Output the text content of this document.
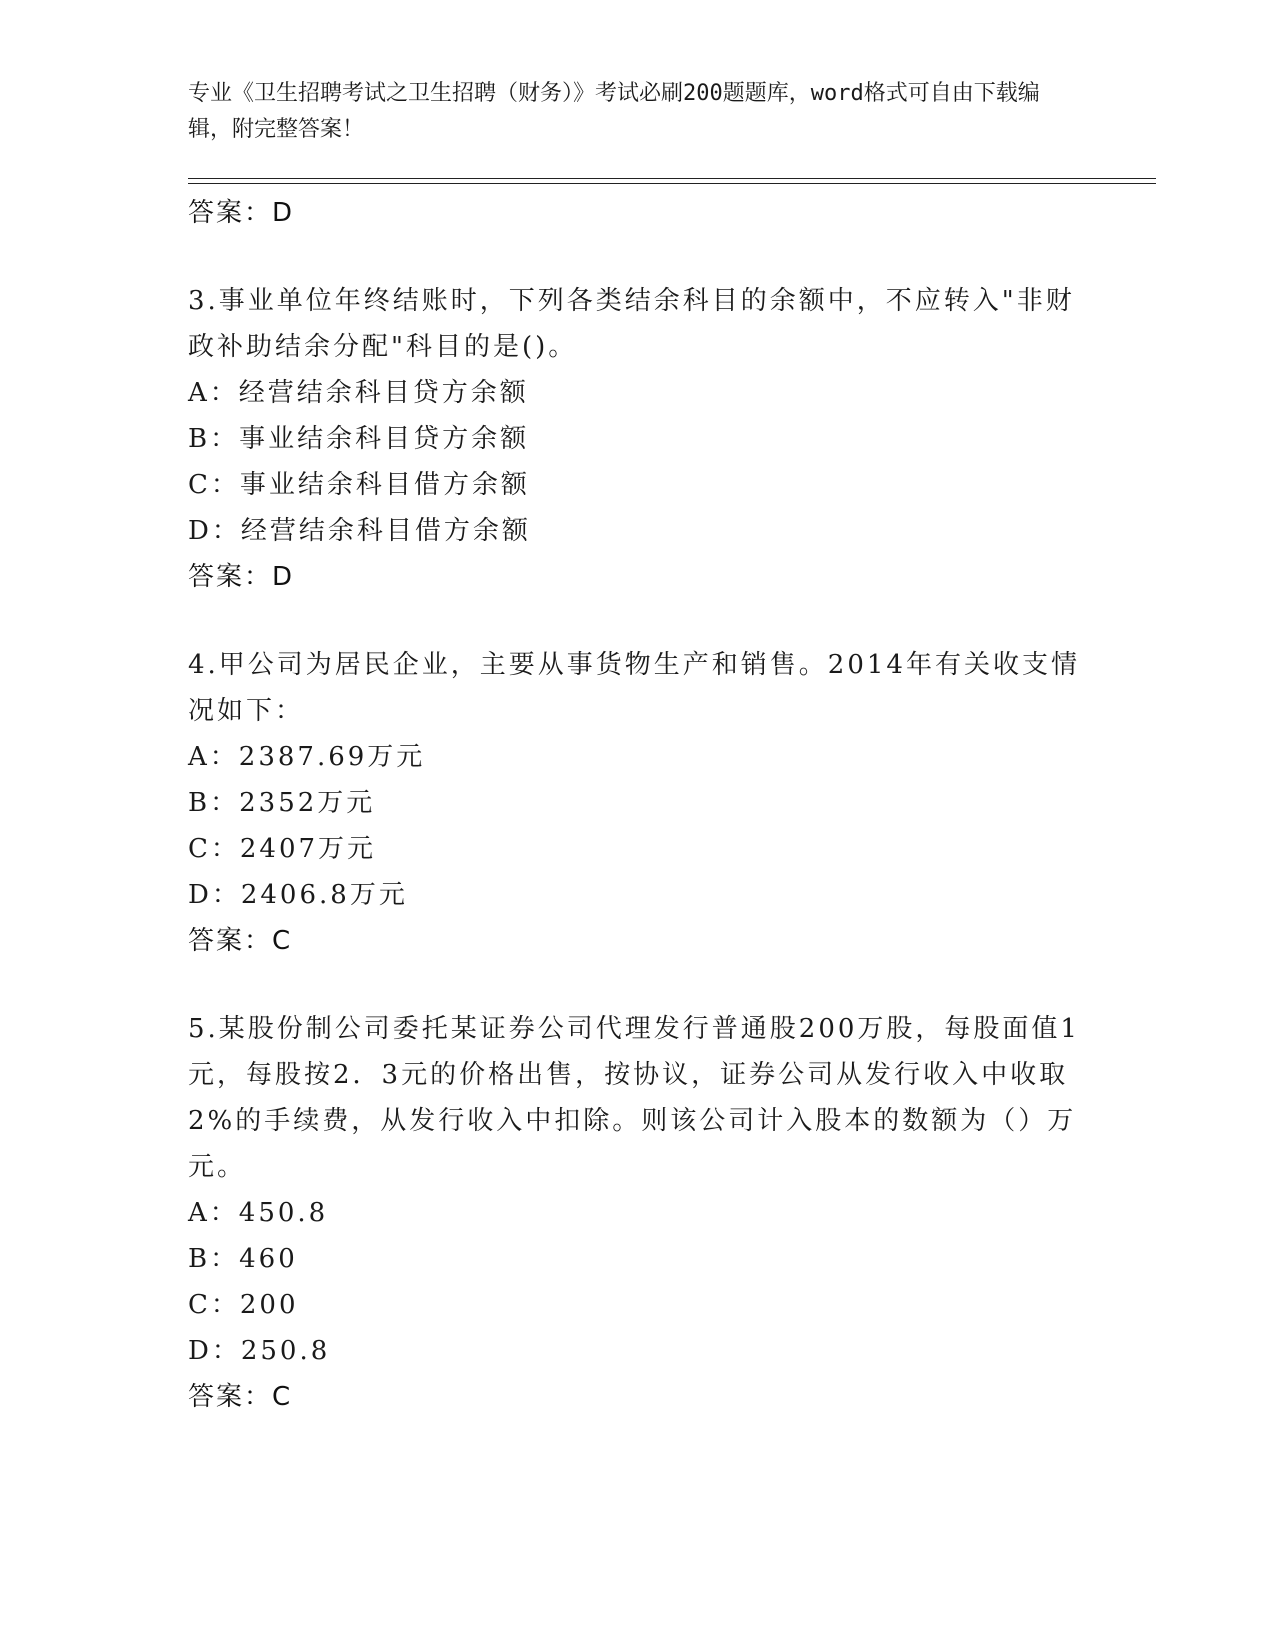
专业《卫生招聘考试之卫生招聘（财务）》考试必刷200题题库，word格式可自由下载编辑，附完整答案！
答案：D
3.事业单位年终结账时，下列各类结余科目的余额中，不应转入"非财政补助结余分配"科目的是()。
A：经营结余科目贷方余额
B：事业结余科目贷方余额
C：事业结余科目借方余额
D：经营结余科目借方余额
答案：D
4.甲公司为居民企业，主要从事货物生产和销售。2014年有关收支情况如下：
A：2387.69万元
B：2352万元
C：2407万元
D：2406.8万元
答案：C
5.某股份制公司委托某证券公司代理发行普通股200万股，每股面值1元，每股按2．3元的价格出售，按协议，证券公司从发行收入中收取2%的手续费，从发行收入中扣除。则该公司计入股本的数额为（）万元。
A：450.8
B：460
C：200
D：250.8
答案：C
